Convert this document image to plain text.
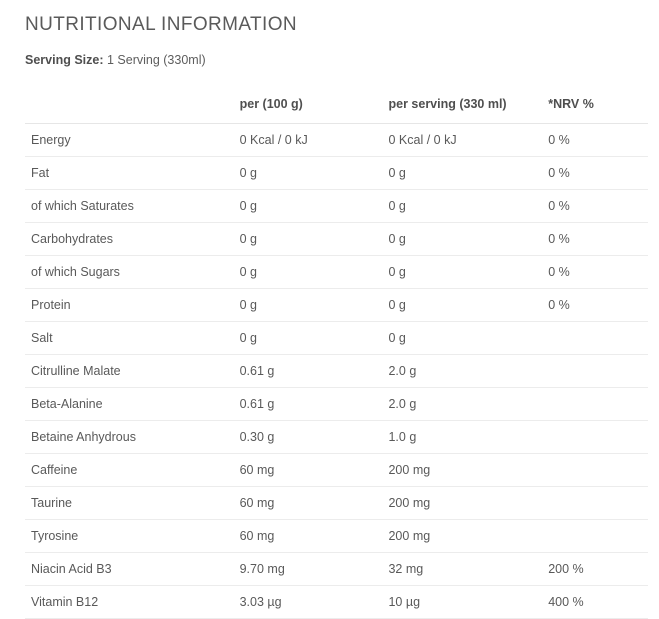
NUTRITIONAL INFORMATION

Serving Size: 1 Serving (330ml)

	per (100 g)	per serving (330 ml)	*NRV %
Energy	0 Kcal / 0 kJ	0 Kcal / 0 kJ	0 %
Fat	0 g	0 g	0 %
of which Saturates	0 g	0 g	0 %
Carbohydrates	0 g	0 g	0 %
of which Sugars	0 g	0 g	0 %
Protein	0 g	0 g	0 %
Salt	0 g	0 g	
Citrulline Malate	0.61 g	2.0 g	
Beta-Alanine	0.61 g	2.0 g	
Betaine Anhydrous	0.30 g	1.0 g	
Caffeine	60 mg	200 mg	
Taurine	60 mg	200 mg	
Tyrosine	60 mg	200 mg	
Niacin Acid B3	9.70 mg	32 mg	200 %
Vitamin B12	3.03 µg	10 µg	400 %
